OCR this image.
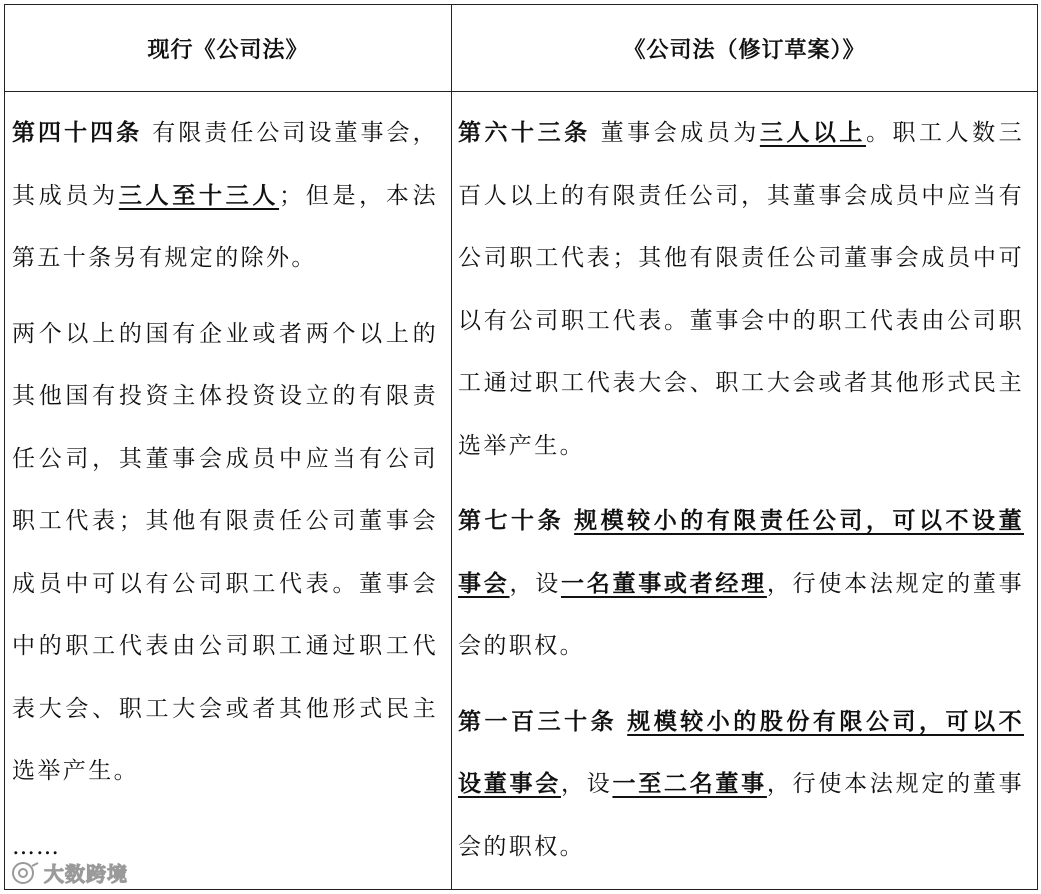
现行《公司法》	《公司法（修订草案）》

第四十四条 有限责任公司设董事会，其成员为三人至十三人；但是，本法第五十条另有规定的除外。

两个以上的国有企业或者两个以上的其他国有投资主体投资设立的有限责任公司，其董事会成员中应当有公司职工代表；其他有限责任公司董事会成员中可以有公司职工代表。董事会中的职工代表由公司职工通过职工代表大会、职工大会或者其他形式民主选举产生。

……

第六十三条 董事会成员为三人以上。职工人数三百人以上的有限责任公司，其董事会成员中应当有公司职工代表；其他有限责任公司董事会成员中可以有公司职工代表。董事会中的职工代表由公司职工通过职工代表大会、职工大会或者其他形式民主选举产生。

第七十条 规模较小的有限责任公司，可以不设董事会，设一名董事或者经理，行使本法规定的董事会的职权。

第一百三十条 规模较小的股份有限公司，可以不设董事会，设一至二名董事，行使本法规定的董事会的职权。

大数跨境
